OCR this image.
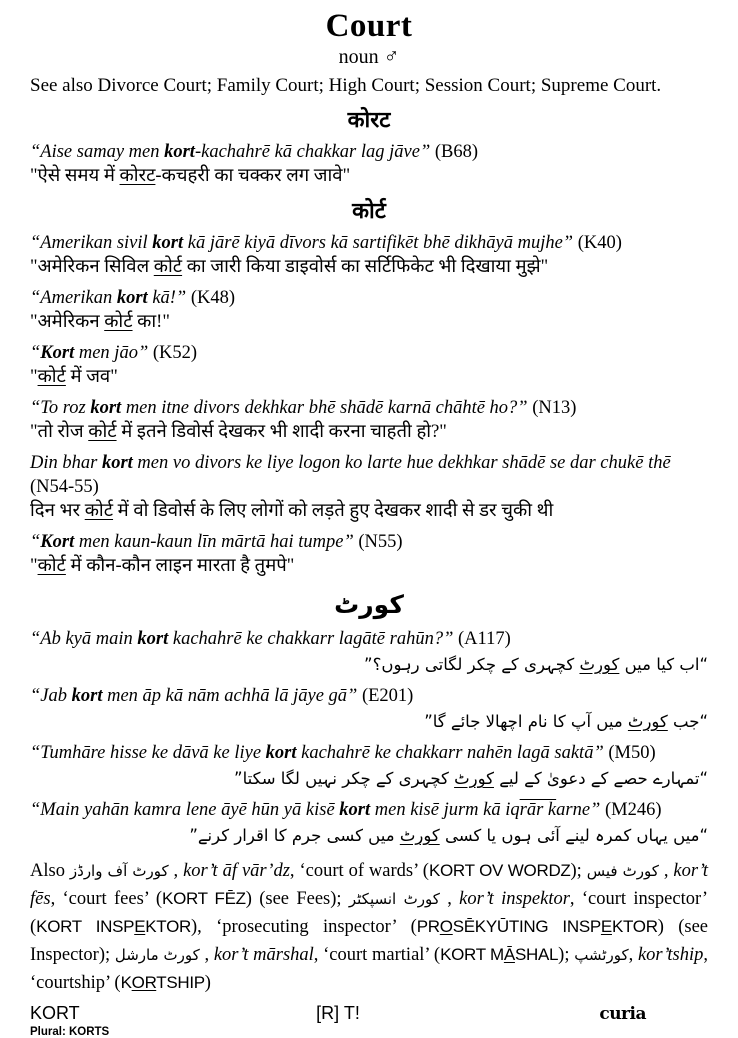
Court
noun ♂

See also Divorce Court; Family Court; High Court; Session Court; Supreme Court.

कोरट
“Aise samay men kort-kachahrē kā chakkar lag jāve” (B68)
"ऐसे समय में कोरट-कचहरी का चक्कर लग जावे"
कोर्ट
“Amerikan sivil kort kā jārē kiyā dīvors kā sartifikēt bhē dikhāyā mujhe” (K40)
"अमेरिकन सिविल कोर्ट का जारी किया डाइवोर्स का सर्टिफिकेट भी दिखाया मुझे"
“Amerikan kort kā!” (K48)
"अमेरिकन कोर्ट का!"
“Kort men jāo” (K52)
"कोर्ट में जव"
“To roz kort men itne divors dekhkar bhē shādē karnā chāhtē ho?” (N13)
"तो रोज कोर्ट में इतने डिवोर्स देखकर भी शादी करना चाहती हो?"
Din bhar kort men vo divors ke liye logon ko larte hue dekhkar shādē se dar chukē thē (N54-55)
दिन भर कोर्ट में वो डिवोर्स के लिए लोगों को लड़ते हुए देखकर शादी से डर चुकी थी
“Kort men kaun-kaun līn mārtā hai tumpe” (N55)
"कोर्ट में कौन-कौन लाइन मारता है तुमपे"
کورٹ
“Ab kyā main kort kachahrē ke chakkarr lagātē rahūn?” (A117)
“اب کیا میں کورٹ کچہری کے چکر لگاتی رہوں؟”
“Jab kort men āp kā nām achhā lā jāye gā” (E201)
“جب کورٹ میں آپ کا نام اچھالا جائے گا”
“Tumhāre hisse ke dāvā ke liye kort kachahrē ke chakkarr nahēn lagā saktā” (M50)
“تمہارے حصے کے دعویٰ کے لیے کورٹ کچہری کے چکر نہیں لگا سکتا”
“Main yahān kamra lene āyē hūn yā kisē kort men kisē jurm kā iqrār karne” (M246)
“میں یہاں کمرہ لینے آئی ہوں یا کسی کورٹ میں کسی جرم کا اقرار کرنے”
Also کورٹ آف وارڈز , kor’t āf vār’dz, ‘court of wards’ (KORT OV WORDZ); کورٹ فیس , kor’t fēs, ‘court fees’ (KORT FĒZ) (see Fees); کورٹ انسپکٹر , kor’t inspektor, ‘court inspector’ (KORT INSPEKTOR), ‘prosecuting inspector’ (PROSĒKYŪTING INSPEKTOR) (see Inspector); کورٹ مارشل , kor’t mārshal, ‘court martial’ (KORT MĀSHAL); کورٹشپ, kor’tship, ‘courtship’ (KORTSHIP)
KORT	[R] T!	curia
Plural: KORTS
